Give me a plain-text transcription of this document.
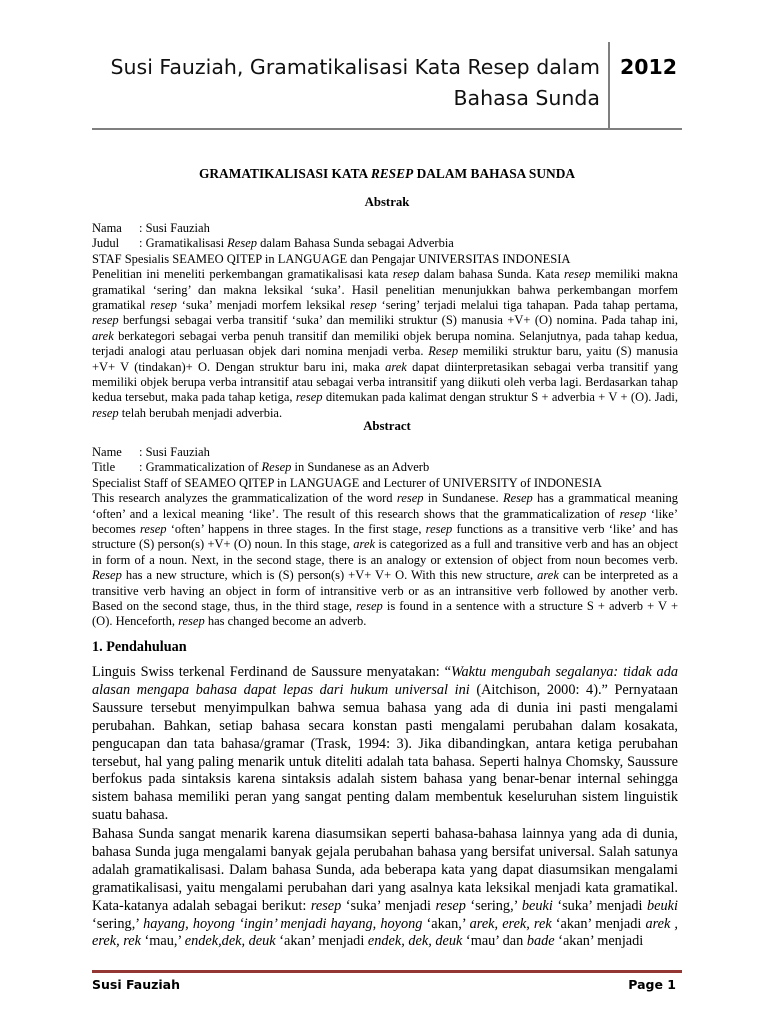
Susi Fauziah, Gramatikalisasi Kata Resep dalam
Bahasa Sunda
2012
GRAMATIKALISASI KATA RESEP DALAM BAHASA SUNDA
Abstrak

Nama : Susi Fauziah

Judul : Gramatikalisasi Resep dalam Bahasa Sunda sebagai Adverbia

STAF Spesialis SEAMEO QITEP in LANGUAGE dan Pengajar UNIVERSITAS INDONESIA

Penelitian ini meneliti perkembangan gramatikalisasi kata resep dalam bahasa Sunda. Kata resep memiliki makna gramatikal ‘sering’ dan makna leksikal ‘suka’. Hasil penelitian menunjukkan bahwa perkembangan morfem gramatikal resep ‘suka’ menjadi morfem leksikal resep ‘sering’ terjadi melalui tiga tahapan. Pada tahap pertama, resep berfungsi sebagai verba transitif ‘suka’ dan memiliki struktur (S) manusia +V+ (O) nomina. Pada tahap ini, arek berkategori sebagai verba penuh transitif dan memiliki objek berupa nomina. Selanjutnya, pada tahap kedua, terjadi analogi atau perluasan objek dari nomina menjadi verba. Resep memiliki struktur baru, yaitu (S) manusia +V+ V (tindakan)+ O. Dengan struktur baru ini, maka arek dapat diinterpretasikan sebagai verba transitif yang memiliki objek berupa verba intransitif atau sebagai verba intransitif yang diikuti oleh verba lagi. Berdasarkan tahap kedua tersebut, maka pada tahap ketiga, resep ditemukan pada kalimat dengan struktur S + adverbia + V + (O). Jadi, resep telah berubah menjadi adverbia.

Abstract

Name : Susi Fauziah

Title : Grammaticalization of Resep in Sundanese as an Adverb

Specialist Staff of SEAMEO QITEP in LANGUAGE and Lecturer of UNIVERSITY of INDONESIA

This research analyzes the grammaticalization of the word resep in Sundanese. Resep has a grammatical meaning ‘often’ and a lexical meaning ‘like’. The result of this research shows that the grammaticalization of resep ‘like’ becomes resep ‘often’ happens in three stages. In the first stage, resep functions as a transitive verb ‘like’ and has structure (S) person(s) +V+ (O) noun. In this stage, arek is categorized as a full and transitive verb and has an object in form of a noun. Next, in the second stage, there is an analogy or extension of object from noun becomes verb. Resep has a new structure, which is (S) person(s) +V+ V+ O. With this new structure, arek can be interpreted as a transitive verb having an object in form of intransitive verb or as an intransitive verb followed by another verb. Based on the second stage, thus, in the third stage, resep is found in a sentence with a structure S + adverb + V + (O). Henceforth, resep has changed become an adverb.

1. Pendahuluan

Linguis Swiss terkenal Ferdinand de Saussure menyatakan: “Waktu mengubah segalanya: tidak ada alasan mengapa bahasa dapat lepas dari hukum universal ini (Aitchison, 2000: 4).” Pernyataan Saussure tersebut menyimpulkan bahwa semua bahasa yang ada di dunia ini pasti mengalami perubahan. Bahkan, setiap bahasa secara konstan pasti mengalami perubahan dalam kosakata, pengucapan dan tata bahasa/gramar (Trask, 1994: 3). Jika dibandingkan, antara ketiga perubahan tersebut, hal yang paling menarik untuk diteliti adalah tata bahasa. Seperti halnya Chomsky, Saussure berfokus pada sintaksis karena sintaksis adalah sistem bahasa yang benar-benar internal sehingga sistem bahasa memiliki peran yang sangat penting dalam membentuk keseluruhan sistem linguistik suatu bahasa.

Bahasa Sunda sangat menarik karena diasumsikan seperti bahasa-bahasa lainnya yang ada di dunia, bahasa Sunda juga mengalami banyak gejala perubahan bahasa yang bersifat universal. Salah satunya adalah gramatikalisasi. Dalam bahasa Sunda, ada beberapa kata yang dapat diasumsikan mengalami gramatikalisasi, yaitu mengalami perubahan dari yang asalnya kata leksikal menjadi kata gramatikal. Kata-katanya adalah sebagai berikut: resep ‘suka’ menjadi resep ‘sering,’ beuki ‘suka’ menjadi beuki ‘sering,’ hayang, hoyong ‘ingin’ menjadi hayang, hoyong ‘akan,’ arek, erek, rek ‘akan’ menjadi arek , erek, rek ‘mau,’ endek,dek, deuk ‘akan’ menjadi endek, dek, deuk ‘mau’ dan bade ‘akan’ menjadi

Susi Fauziah	Page 1
